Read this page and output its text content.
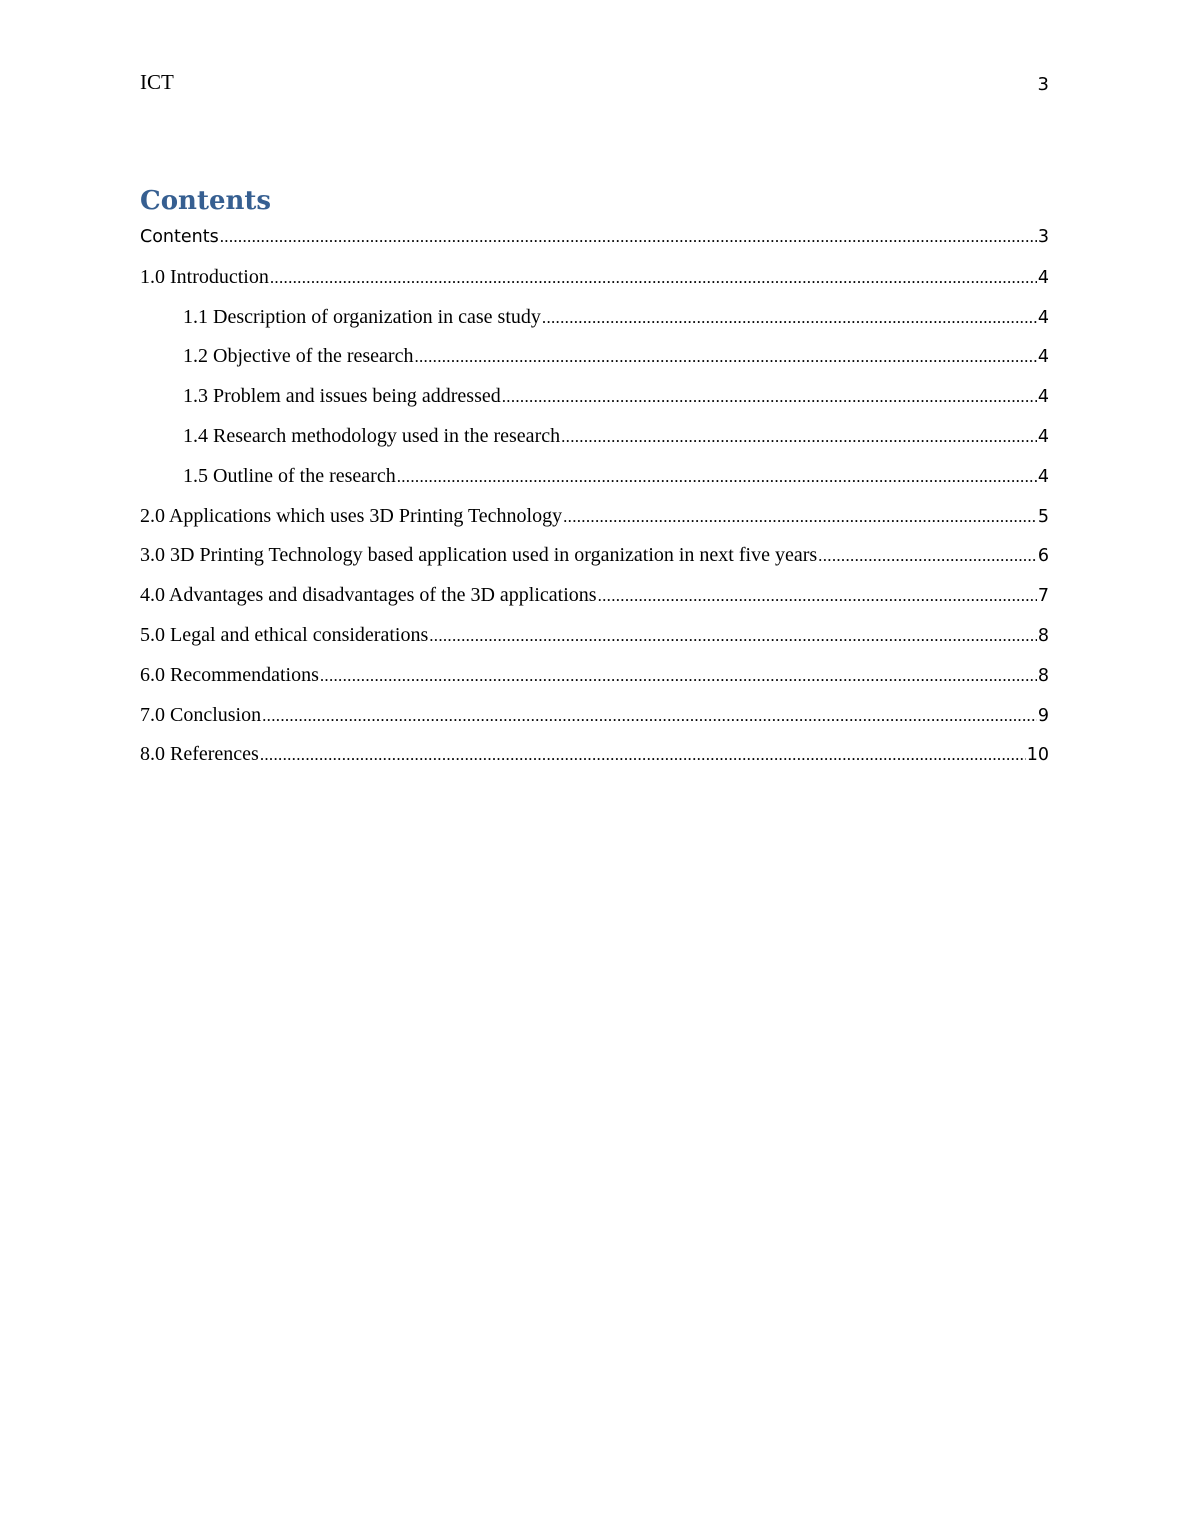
ICT	3
Contents
Contents .....	3
1.0 Introduction .....	4
1.1 Description of organization in case study .....	4
1.2 Objective of the research .....	4
1.3 Problem and issues being addressed .....	4
1.4 Research methodology used in the research .....	4
1.5 Outline of the research .....	4
2.0 Applications which uses 3D Printing Technology .....	5
3.0 3D Printing Technology based application used in organization in next five years .....	6
4.0 Advantages and disadvantages of the 3D applications .....	7
5.0 Legal and ethical considerations .....	8
6.0 Recommendations .....	8
7.0 Conclusion .....	9
8.0 References .....	10
